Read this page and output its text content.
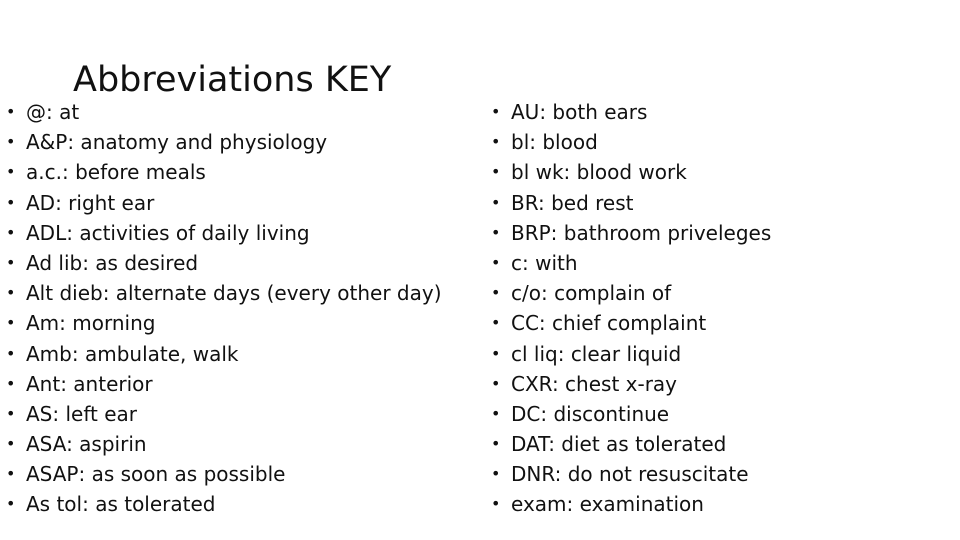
Abbreviations KEY
• @: at
• A&P: anatomy and physiology
• a.c.: before meals
• AD: right ear
• ADL: activities of daily living
• Ad lib: as desired
• Alt dieb: alternate days (every other day)
• Am: morning
• Amb: ambulate, walk
• Ant: anterior
• AS: left ear
• ASA: aspirin
• ASAP: as soon as possible
• As tol: as tolerated
• AU: both ears
• bl: blood
• bl wk: blood work
• BR: bed rest
• BRP: bathroom priveleges
• c: with
• c/o: complain of
• CC: chief complaint
• cl liq: clear liquid
• CXR: chest x-ray
• DC: discontinue
• DAT: diet as tolerated
• DNR: do not resuscitate
• exam: examination
